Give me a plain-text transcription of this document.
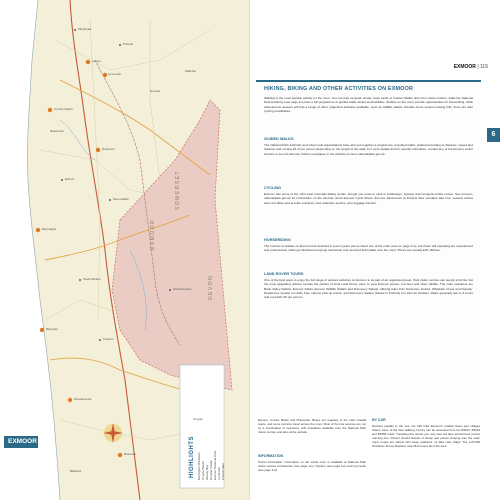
EXMOOR
SOMERSET
DEVON
Minehead
Porlock
Lynton
Lynmouth
Dunster
Watchet
Combe Martin
Ilfracombe
Dulverton
Exford
Simonsbath
Barnstaple
South Molton
Wiveliscombe
Bampton
Tiverton
Woolacombe
Croyde
Braunton
Bideford	HIGHLIGHTS Burrington Plantation Croyde Beach Woody Bay Dunster Castle Exmoor National Park Lynmouth Porlock Weir
EXMOOR
EXMOOR | 115
6
HIKING, BIKING AND OTHER ACTIVITIES ON EXMOOR

Walking is the most popular activity on the moor. You can pick up good, simple route cards of 'Golden Walks' (£1) from visitor centres, while the National Park Authority (see page 1xx) has a full programme of guided walks aimed at all abilities. Stables on the moor provide opportunities for horseriding, while adventurous seekers will find a range of other organized activities available, such as wildlife safaris. Despite some serious looking hills, there are also cycling possibilities.

GUIDED WALKS

The National Park Authority and other local organizations have also put together a programme of guided walks, graded according to distance, speed and duration and costing £3–5 per person depending on the length of the walk. For more details and for specific schedules, contact any of the Exmoor visitor centres or see the Exmoor Visitor newspaper or the website exmoor-nationalpark.gov.uk.

CYCLING

Exmoor has some of the UK's best mountain-biking terrain, though you need to stick to bridleways, byways and recognized bike routes. See exmoor-nationalpark.gov.uk for information on the 60-mile circuit Exmoor Cycle Route. Exmoor Adventures at Porlock Weir provides bike hire; several outlets also rent bikes and provide a delivery and collection service, plus luggage transfer.

HORSERIDING

The number of stables on Exmoor has declined in recent years (we've listed one of the main ones on page 1xx), but those still operating are experienced and professional, offering individual and group instruction and escorted field walks onto the moor. Prices are usually £25–30/hour.

LAND ROVER TOURS

One of the best ways to enjoy the full range of outdoor activities on Exmoor is as part of an organized group. Park visitor centres can supply a full list, but the most appealing options include the parties of local Land Rover tours to view Exmoor ponies, red deer and other wildlife. The main operators are Barle Valley Safaris, Exmoor Safari, Exmoor Wildlife Safaris and Discovery Safaris, offering rides from Dulverton, Exford, Wheddon Cross and Dunster. Departures usually run daily from various pick-up points, and Discovery Safaris (based in Porlock) run trips for families. Rides generally last 2–3 hours and cost £20–35 per person.

Exmoor, Combe Martin and Ilfracombe: Buses run regularly to the main coastal towns, and some services travel across the moor. Most of the bus services are run by a combination of operators, with timetables available from the National Park visitor centres, and also at the website.

INFORMATION

Tourist information: Information on the whole moor is available at National Park visitor centres at Dulverton (see page 1xx), Dunster (see page 1xx) and Lynmouth (see page 1xx).

BY CAR

Running parallel to the sea, the A39 links Exmoor's coastal towns and villages inland; some of the best walking country can be accessed from the B3223, B3224 and B3358 roads. Travelling this terrain you may spot red deer and Exmoor ponies roaming free. Drivers should beware of sheep and ponies straying onto the road; many routes are narrow with steep gradients, so take care. Maps: The 1:25,000 Ordnance Survey Explorer map OL9 covers all of the area.
